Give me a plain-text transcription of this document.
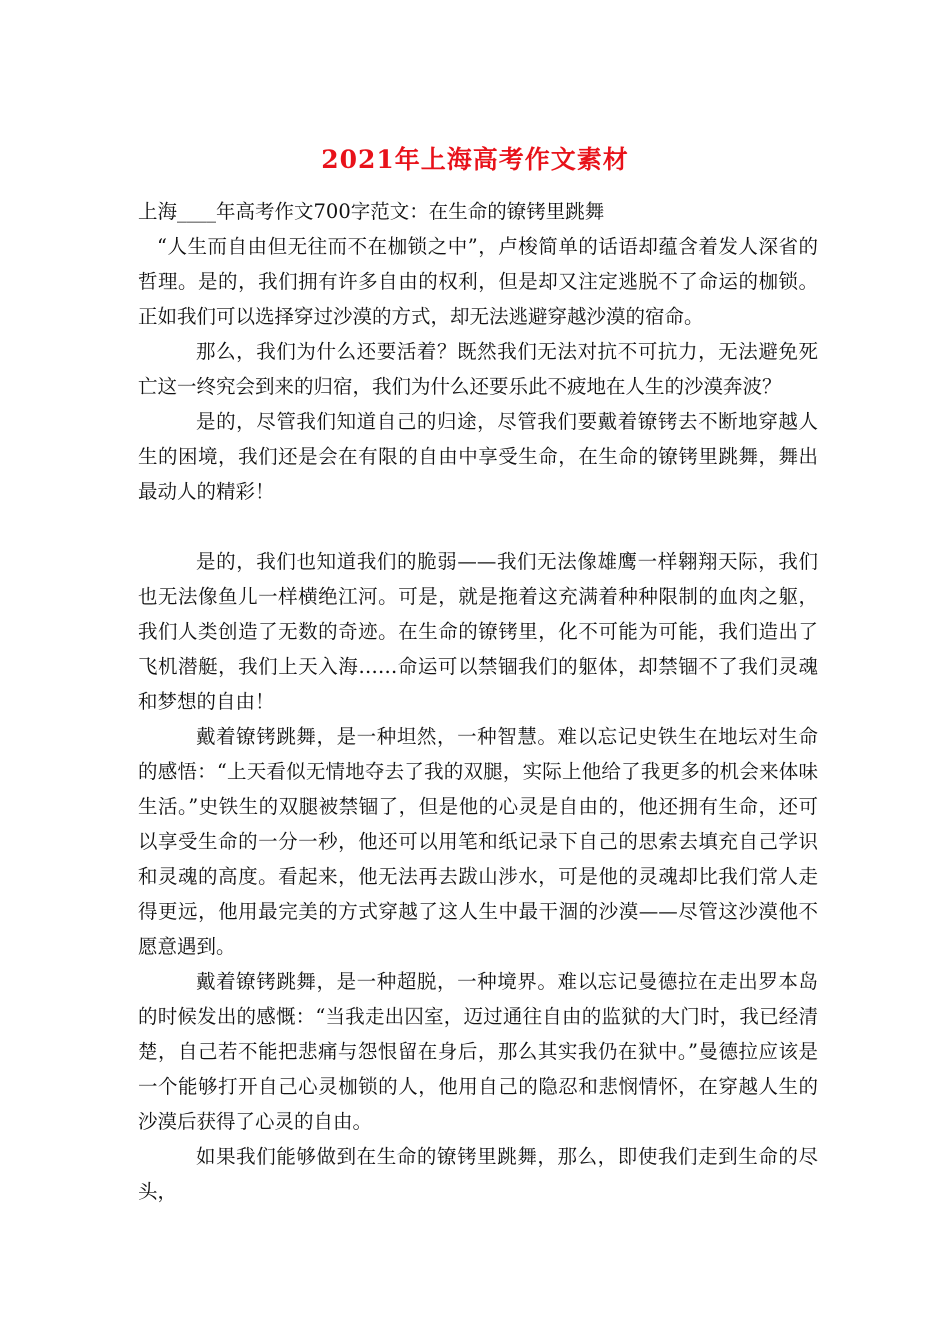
2021年上海高考作文素材

上海____年高考作文700字范文：在生命的镣铐里跳舞

“人生而自由但无往而不在枷锁之中”，卢梭简单的话语却蕴含着发人深省的哲理。是的，我们拥有许多自由的权利，但是却又注定逃脱不了命运的枷锁。正如我们可以选择穿过沙漠的方式，却无法逃避穿越沙漠的宿命。

那么，我们为什么还要活着？既然我们无法对抗不可抗力，无法避免死亡这一终究会到来的归宿，我们为什么还要乐此不疲地在人生的沙漠奔波？

是的，尽管我们知道自己的归途，尽管我们要戴着镣铐去不断地穿越人生的困境，我们还是会在有限的自由中享受生命，在生命的镣铐里跳舞，舞出最动人的精彩！

是的，我们也知道我们的脆弱——我们无法像雄鹰一样翱翔天际，我们也无法像鱼儿一样横绝江河。可是，就是拖着这充满着种种限制的血肉之躯，我们人类创造了无数的奇迹。在生命的镣铐里，化不可能为可能，我们造出了飞机潜艇，我们上天入海……命运可以禁锢我们的躯体，却禁锢不了我们灵魂和梦想的自由！

戴着镣铐跳舞，是一种坦然，一种智慧。难以忘记史铁生在地坛对生命的感悟：“上天看似无情地夺去了我的双腿，实际上他给了我更多的机会来体味生活。”史铁生的双腿被禁锢了，但是他的心灵是自由的，他还拥有生命，还可以享受生命的一分一秒，他还可以用笔和纸记录下自己的思索去填充自己学识和灵魂的高度。看起来，他无法再去跋山涉水，可是他的灵魂却比我们常人走得更远，他用最完美的方式穿越了这人生中最干涸的沙漠——尽管这沙漠他不愿意遇到。

戴着镣铐跳舞，是一种超脱，一种境界。难以忘记曼德拉在走出罗本岛的时候发出的感慨：“当我走出囚室，迈过通往自由的监狱的大门时，我已经清楚，自己若不能把悲痛与怨恨留在身后，那么其实我仍在狱中。”曼德拉应该是一个能够打开自己心灵枷锁的人，他用自己的隐忍和悲悯情怀，在穿越人生的沙漠后获得了心灵的自由。

如果我们能够做到在生命的镣铐里跳舞，那么，即使我们走到生命的尽头，
